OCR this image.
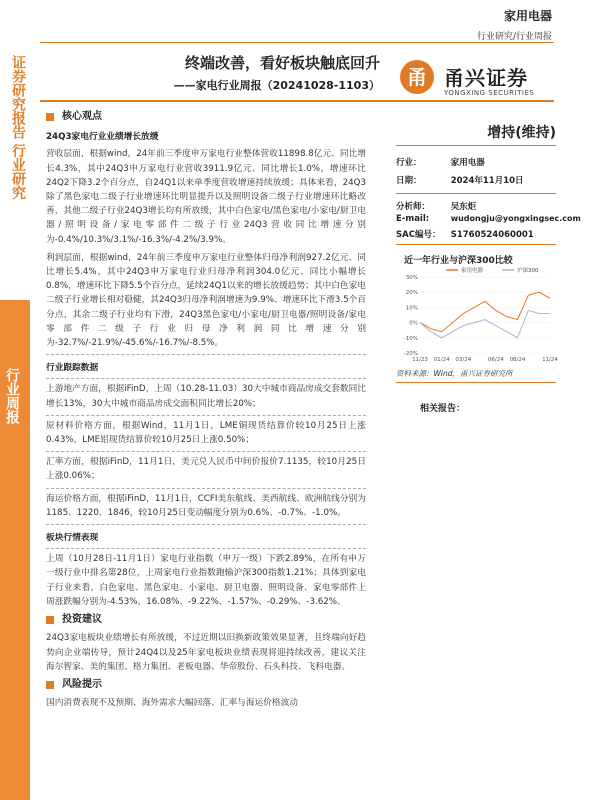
证券研究报告 行业研究
行业周报
家用电器
行业研究/行业周报
终端改善，看好板块触底回升
——家电行业周报（20241028-1103）	甬 甬兴证券
YONGXING SECURITIES
核心观点
24Q3家电行业业绩增长放缓

营收层面，根据wind，24年前三季度申万家电行业整体营收11898.8亿元、同比增长4.3%，其中24Q3申万家电行业营收3911.9亿元、同比增长1.0%，增速环比24Q2下降3.2个百分点，自24Q1以来单季度营收增速持续放缓；具体来看，24Q3除了黑色家电二级子行业增速环比明显提升以及照明设备二级子行业增速环比略改善，其他二级子行业24Q3增长均有所放缓，其中白色家电/黑色家电/小家电/厨卫电器/照明设备/家电零部件二级子行业24Q3营收同比增速分别为-0.4%/10.3%/3.1%/-16.3%/-4.2%/3.9%。

利润层面，根据wind，24年前三季度申万家电行业整体归母净利润927.2亿元、同比增长5.4%，其中24Q3申万家电行业归母净利润304.0亿元、同比小幅增长0.8%，增速环比下降5.5个百分点，延续24Q1以来的增长放缓趋势；其中白色家电二级子行业增长相对稳健，其24Q3归母净利润增速为9.9%、增速环比下滑3.5个百分点，其余二级子行业均有下滑，24Q3黑色家电/小家电/厨卫电器/照明设备/家电零部件二级子行业归母净利润同比增速分别为-32.7%/-21.9%/-45.6%/-16.7%/-8.5%。

行业跟踪数据

上游地产方面，根据iFinD，上周（10.28-11.03）30大中城市商品房成交套数同比增长13%，30大中城市商品房成交面积同比增长20%；

原材料价格方面，根据Wind，11月1日，LME铜现货结算价较10月25日上涨0.43%，LME铝现货结算价较10月25日上涨0.50%；

汇率方面，根据iFinD，11月1日，美元兑人民币中间价报价7.1135，较10月25日上涨0.06%；

海运价格方面，根据iFinD，11月1日，CCFI美东航线、美西航线、欧洲航线分别为1185、1220、1846，较10月25日变动幅度分别为0.6%、-0.7%、-1.0%。

板块行情表现

上周（10月28日-11月1日）家电行业指数（申万一级）下跌2.89%，在所有申万一级行业中排名第28位，上周家电行业指数跑输沪深300指数1.21%；具体到家电子行业来看，白色家电、黑色家电、小家电、厨卫电器、照明设备、家电零部件上周涨跌幅分别为-4.53%、16.08%、-9.22%、-1.57%、-0.29%、-3.62%。

投资建议

24Q3家电板块业绩增长有所放缓，不过近期以旧换新政策效果显著，且终端向好趋势向企业端传导，预计24Q4以及25年家电板块业绩表现将迎持续改善，建议关注海尔智家、美的集团、格力集团、老板电器、华帝股份、石头科技、飞科电器。

风险提示

国内消费表现不及预期、海外需求大幅回落、汇率与海运价格波动

增持(维持)
行业：	家用电器
日期：	2024年11月10日
分析师： 吴东炬
E-mail:	wudongju@yongxingsec.com
SAC编号： S1760524060001
近一年行业与沪深300比较
-20%
-10%
0%
10%
20%
30%
11/23 01/24 03/24	06/24 08/24	11/24
家用电器	沪深300
资料来源：Wind，甬兴证券研究所
相关报告：
